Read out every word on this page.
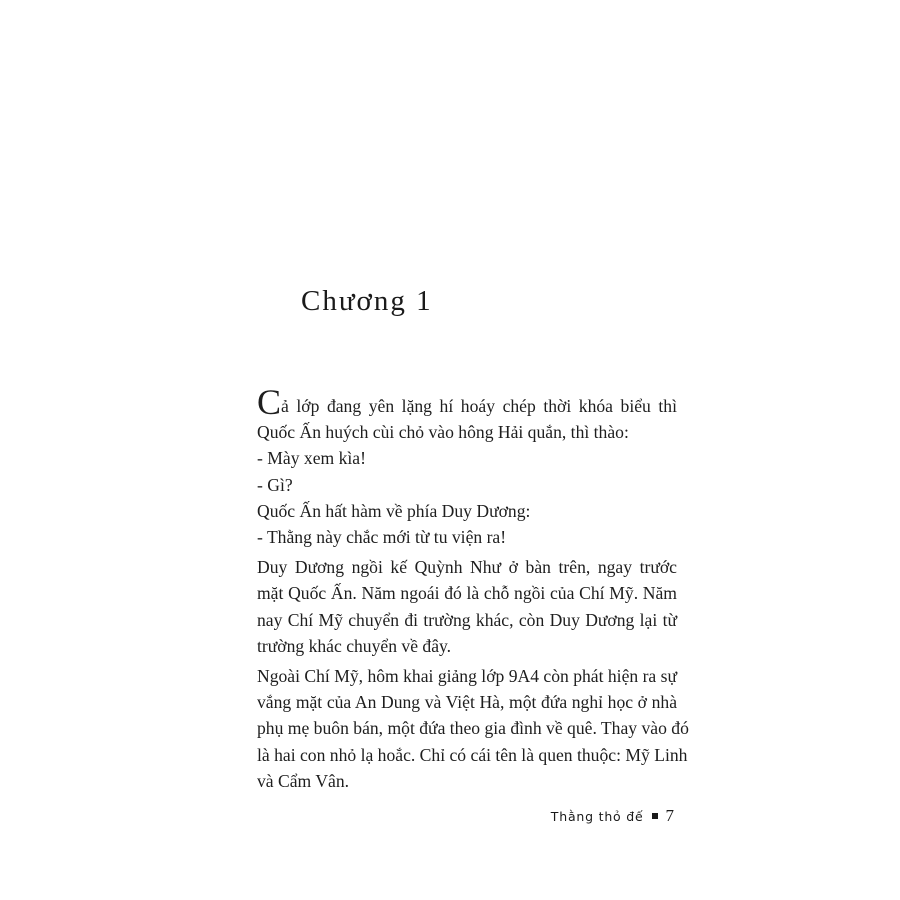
Chương 1
Cả lớp đang yên lặng hí hoáy chép thời khóa biểu thì
Quốc Ấn huých cùi chỏ vào hông Hải quắn, thì thào:
- Mày xem kìa!
- Gì?
Quốc Ấn hất hàm về phía Duy Dương:
- Thằng này chắc mới từ tu viện ra!
Duy Dương ngồi kế Quỳnh Như ở bàn trên, ngay trước
mặt Quốc Ấn. Năm ngoái đó là chỗ ngồi của Chí Mỹ. Năm
nay Chí Mỹ chuyển đi trường khác, còn Duy Dương lại từ
trường khác chuyển về đây.
Ngoài Chí Mỹ, hôm khai giảng lớp 9A4 còn phát hiện ra sự
vắng mặt của An Dung và Việt Hà, một đứa nghỉ học ở nhà
phụ mẹ buôn bán, một đứa theo gia đình về quê. Thay vào đó
là hai con nhỏ lạ hoắc. Chỉ có cái tên là quen thuộc: Mỹ Linh
và Cẩm Vân.
Thằng thỏ đế 7
